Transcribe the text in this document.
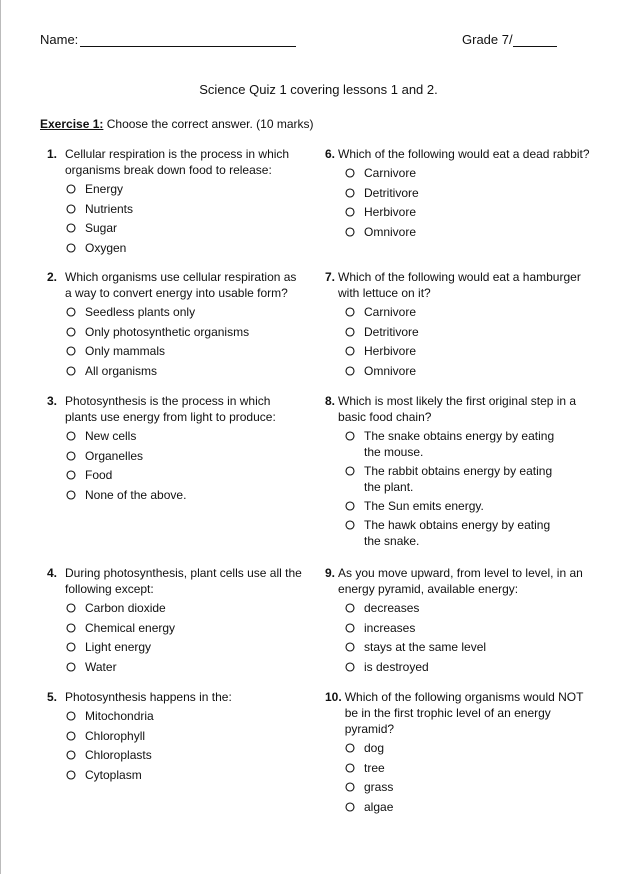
Name:	Grade 7/
Science Quiz 1 covering lessons 1 and 2.
Exercise 1: Choose the correct answer. (10 marks)
1. Cellular respiration is the process in which organisms break down food to release:
Energy
Nutrients
Sugar
Oxygen
2. Which organisms use cellular respiration as a way to convert energy into usable form?
Seedless plants only
Only photosynthetic organisms
Only mammals
All organisms
3. Photosynthesis is the process in which plants use energy from light to produce:
New cells
Organelles
Food
None of the above.
4. During photosynthesis, plant cells use all the following except:
Carbon dioxide
Chemical energy
Light energy
Water
5. Photosynthesis happens in the:
Mitochondria
Chlorophyll
Chloroplasts
Cytoplasm
6. Which of the following would eat a dead rabbit?
Carnivore
Detritivore
Herbivore
Omnivore
7. Which of the following would eat a hamburger with lettuce on it?
Carnivore
Detritivore
Herbivore
Omnivore
8. Which is most likely the first original step in a basic food chain?
The snake obtains energy by eating the mouse.
The rabbit obtains energy by eating the plant.
The Sun emits energy.
The hawk obtains energy by eating the snake.
9. As you move upward, from level to level, in an energy pyramid, available energy:
decreases
increases
stays at the same level
is destroyed
10. Which of the following organisms would NOT be in the first trophic level of an energy pyramid?
dog
tree
grass
algae
